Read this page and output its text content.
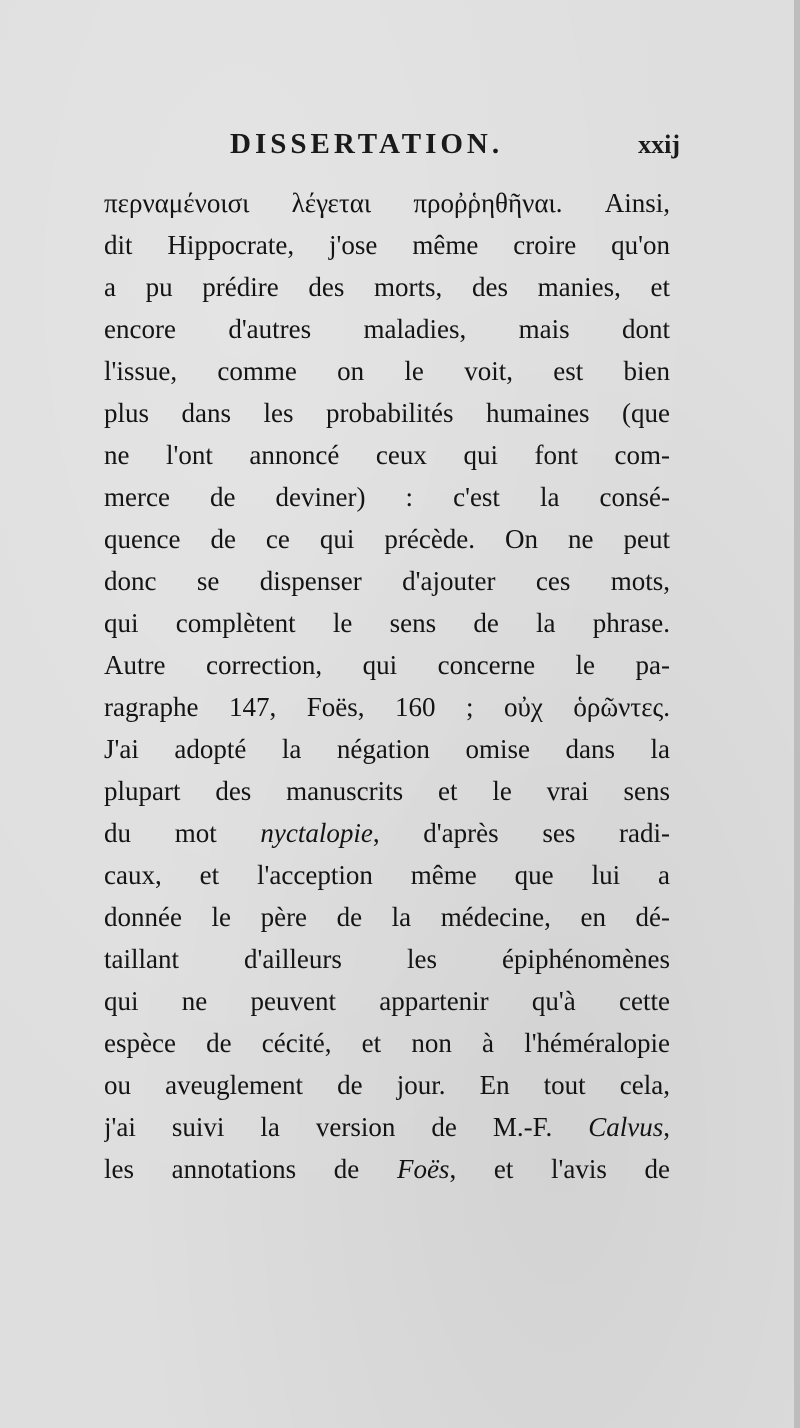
DISSERTATION.	xxij
περναμένοισι λέγεται προῤῥηθῆναι. Ainsi,
dit Hippocrate, j'ose même croire qu'on
a pu prédire des morts, des manies, et
encore d'autres maladies, mais dont
l'issue, comme on le voit, est bien
plus dans les probabilités humaines (que
ne l'ont annoncé ceux qui font com-
merce de deviner) : c'est la consé-
quence de ce qui précède. On ne peut
donc se dispenser d'ajouter ces mots,
qui complètent le sens de la phrase.
Autre correction, qui concerne le pa-
ragraphe 147, Foës, 160 ; οὐχ ὁρῶντες.
J'ai adopté la négation omise dans la
plupart des manuscrits et le vrai sens
du mot nyctalopie, d'après ses radi-
caux, et l'acception même que lui a
donnée le père de la médecine, en dé-
taillant d'ailleurs les épiphénomènes
qui ne peuvent appartenir qu'à cette
espèce de cécité, et non à l'héméralopie
ou aveuglement de jour. En tout cela,
j'ai suivi la version de M.-F. Calvus,
les annotations de Foës, et l'avis de
